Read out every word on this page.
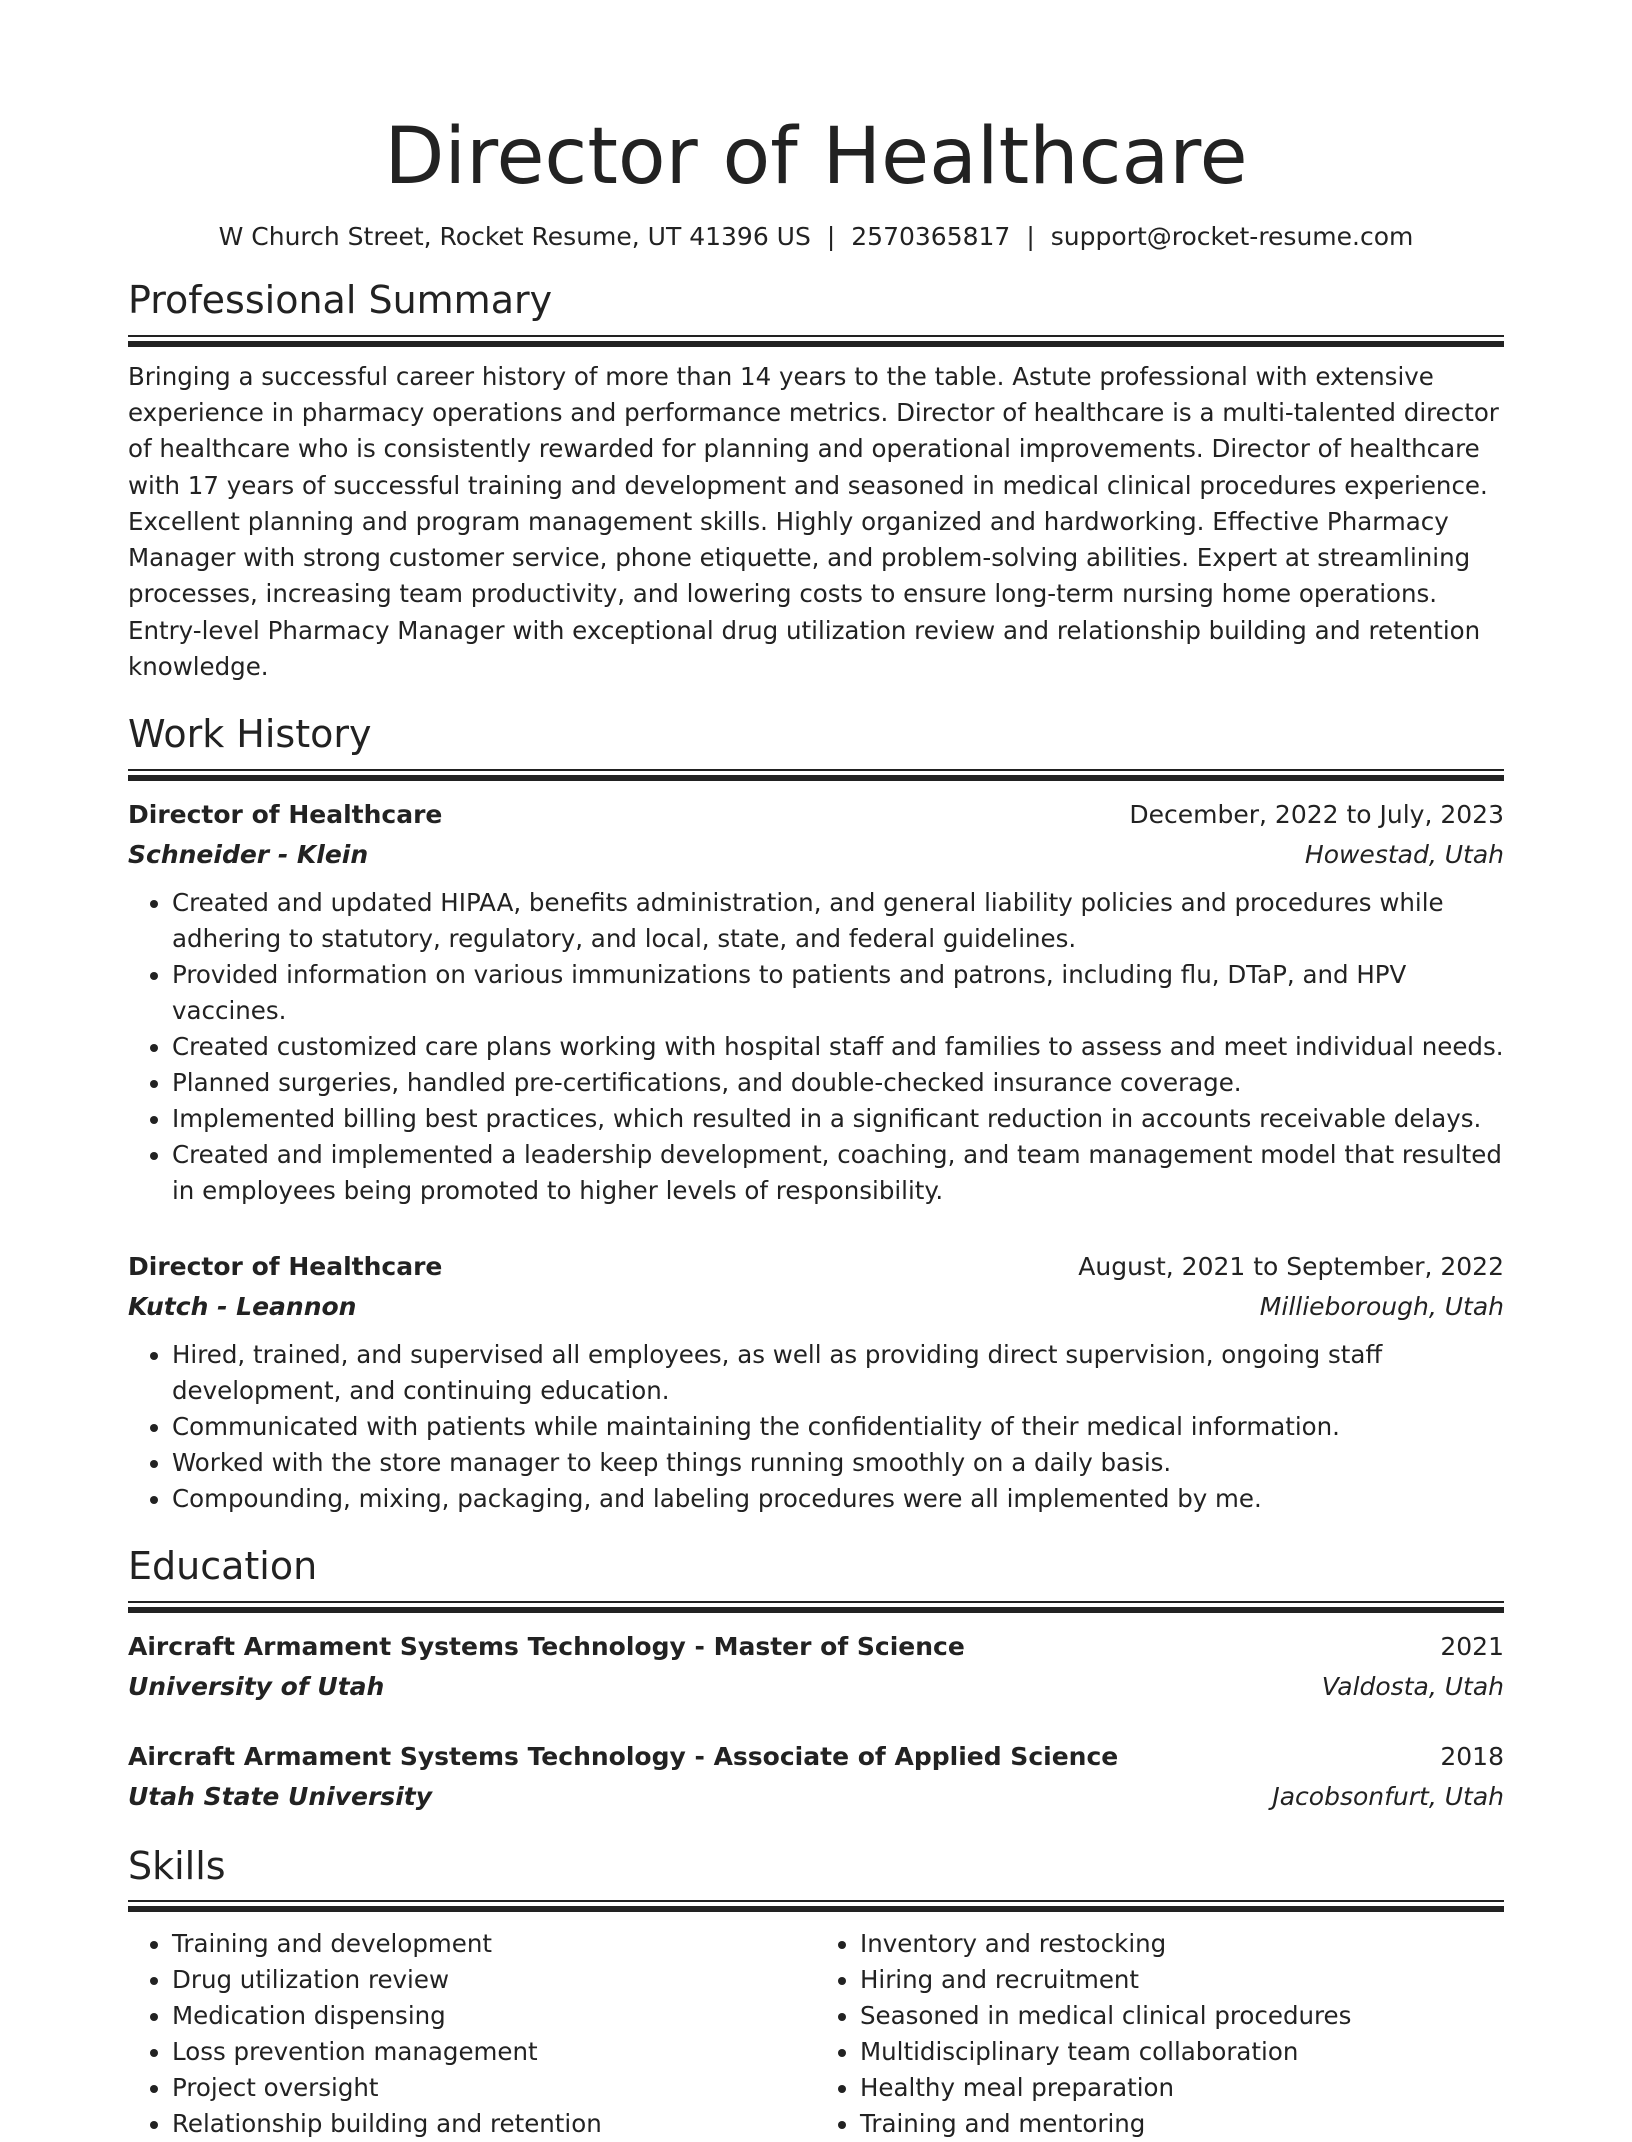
Director of Healthcare
W Church Street, Rocket Resume, UT 41396 US | 2570365817 | support@rocket-resume.com
Professional Summary
Bringing a successful career history of more than 14 years to the table. Astute professional with extensive experience in pharmacy operations and performance metrics. Director of healthcare is a multi-talented director of healthcare who is consistently rewarded for planning and operational improvements. Director of healthcare with 17 years of successful training and development and seasoned in medical clinical procedures experience. Excellent planning and program management skills. Highly organized and hardworking. Effective Pharmacy Manager with strong customer service, phone etiquette, and problem-solving abilities. Expert at streamlining processes, increasing team productivity, and lowering costs to ensure long-term nursing home operations. Entry-level Pharmacy Manager with exceptional drug utilization review and relationship building and retention knowledge.
Work History
Director of Healthcare	December, 2022 to July, 2023
Schneider - Klein	Howestad, Utah
• Created and updated HIPAA, benefits administration, and general liability policies and procedures while adhering to statutory, regulatory, and local, state, and federal guidelines.
• Provided information on various immunizations to patients and patrons, including flu, DTaP, and HPV vaccines.
• Created customized care plans working with hospital staff and families to assess and meet individual needs.
• Planned surgeries, handled pre-certifications, and double-checked insurance coverage.
• Implemented billing best practices, which resulted in a significant reduction in accounts receivable delays.
• Created and implemented a leadership development, coaching, and team management model that resulted in employees being promoted to higher levels of responsibility.
Director of Healthcare	August, 2021 to September, 2022
Kutch - Leannon	Millieborough, Utah
• Hired, trained, and supervised all employees, as well as providing direct supervision, ongoing staff development, and continuing education.
• Communicated with patients while maintaining the confidentiality of their medical information.
• Worked with the store manager to keep things running smoothly on a daily basis.
• Compounding, mixing, packaging, and labeling procedures were all implemented by me.
Education
Aircraft Armament Systems Technology - Master of Science	2021
University of Utah	Valdosta, Utah
Aircraft Armament Systems Technology - Associate of Applied Science	2018
Utah State University	Jacobsonfurt, Utah
Skills
• Training and development
• Drug utilization review
• Medication dispensing
• Loss prevention management
• Project oversight
• Relationship building and retention
• Inventory and restocking
• Hiring and recruitment
• Seasoned in medical clinical procedures
• Multidisciplinary team collaboration
• Healthy meal preparation
• Training and mentoring
